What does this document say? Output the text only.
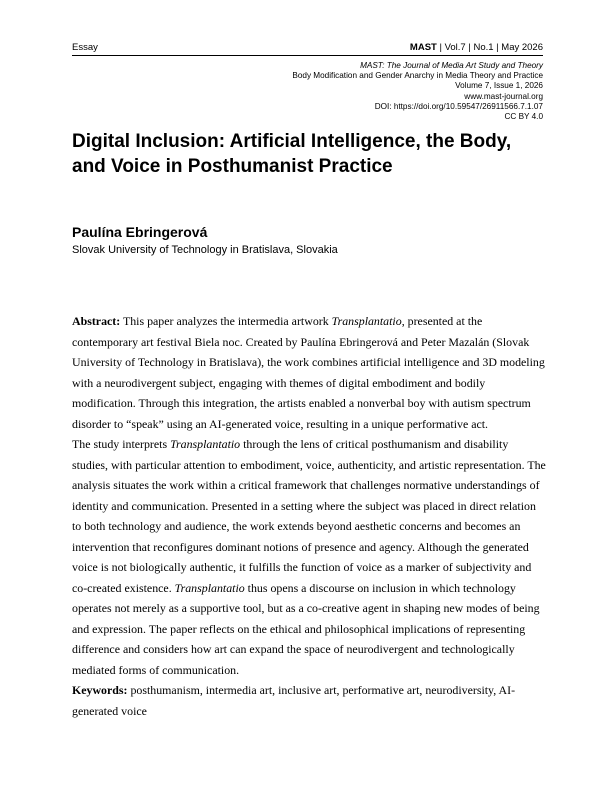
Essay	MAST | Vol.7 | No.1 | May 2026
MAST: The Journal of Media Art Study and Theory
Body Modification and Gender Anarchy in Media Theory and Practice
Volume 7, Issue 1, 2026
www.mast-journal.org
DOI: https://doi.org/10.59547/26911566.7.1.07
CC BY 4.0
Digital Inclusion: Artificial Intelligence, the Body, and Voice in Posthumanist Practice
Paulína Ebringerová
Slovak University of Technology in Bratislava, Slovakia

Abstract: This paper analyzes the intermedia artwork Transplantatio, presented at the contemporary art festival Biela noc. Created by Paulína Ebringerová and Peter Mazalán (Slovak University of Technology in Bratislava), the work combines artificial intelligence and 3D modeling with a neurodivergent subject, engaging with themes of digital embodiment and bodily modification. Through this integration, the artists enabled a nonverbal boy with autism spectrum disorder to “speak” using an AI-generated voice, resulting in a unique performative act.

The study interprets Transplantatio through the lens of critical posthumanism and disability studies, with particular attention to embodiment, voice, authenticity, and artistic representation. The analysis situates the work within a critical framework that challenges normative understandings of identity and communication. Presented in a setting where the subject was placed in direct relation to both technology and audience, the work extends beyond aesthetic concerns and becomes an intervention that reconfigures dominant notions of presence and agency. Although the generated voice is not biologically authentic, it fulfills the function of voice as a marker of subjectivity and co-created existence. Transplantatio thus opens a discourse on inclusion in which technology operates not merely as a supportive tool, but as a co-creative agent in shaping new modes of being and expression. The paper reflects on the ethical and philosophical implications of representing difference and considers how art can expand the space of neurodivergent and technologically mediated forms of communication.

Keywords: posthumanism, intermedia art, inclusive art, performative art, neurodiversity, AI-generated voice
